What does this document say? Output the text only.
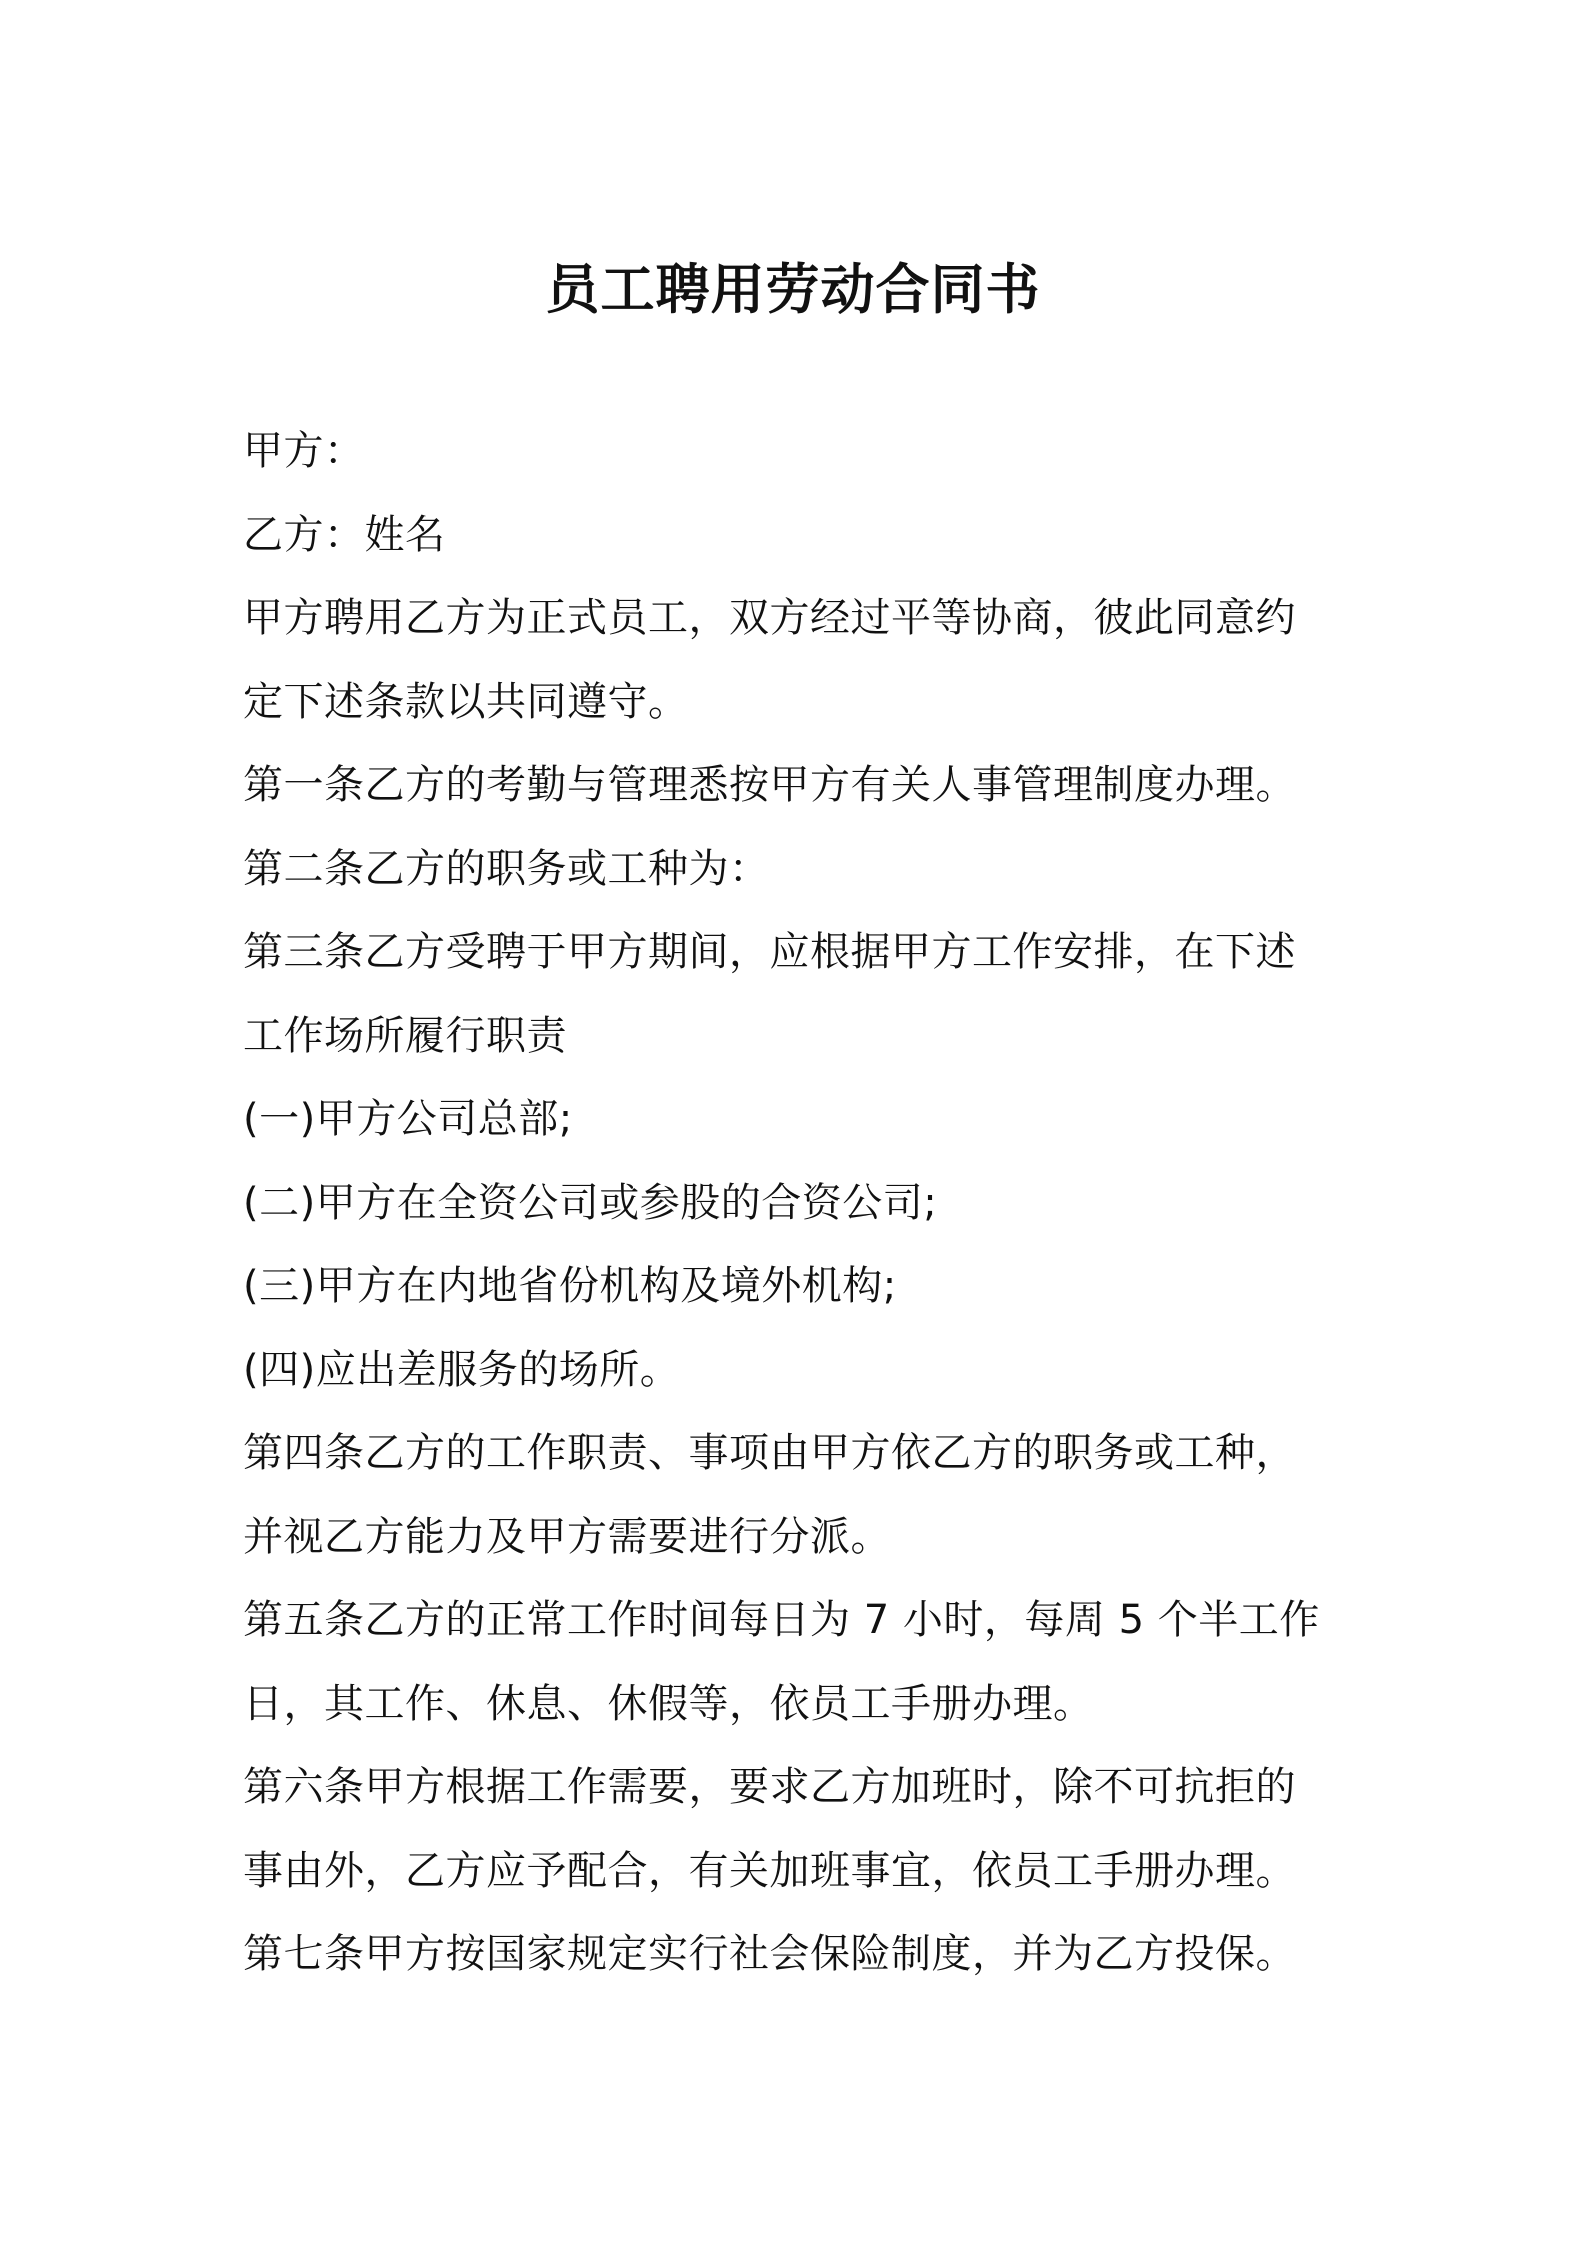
员工聘用劳动合同书
甲方：
乙方：姓名
甲方聘用乙方为正式员工，双方经过平等协商，彼此同意约
定下述条款以共同遵守。
第一条乙方的考勤与管理悉按甲方有关人事管理制度办理。
第二条乙方的职务或工种为：
第三条乙方受聘于甲方期间，应根据甲方工作安排，在下述
工作场所履行职责
(一)甲方公司总部;
(二)甲方在全资公司或参股的合资公司;
(三)甲方在内地省份机构及境外机构;
(四)应出差服务的场所。
第四条乙方的工作职责、事项由甲方依乙方的职务或工种，
并视乙方能力及甲方需要进行分派。
第五条乙方的正常工作时间每日为 7 小时，每周 5 个半工作
日，其工作、休息、休假等，依员工手册办理。
第六条甲方根据工作需要，要求乙方加班时，除不可抗拒的
事由外，乙方应予配合，有关加班事宜，依员工手册办理。
第七条甲方按国家规定实行社会保险制度，并为乙方投保。
